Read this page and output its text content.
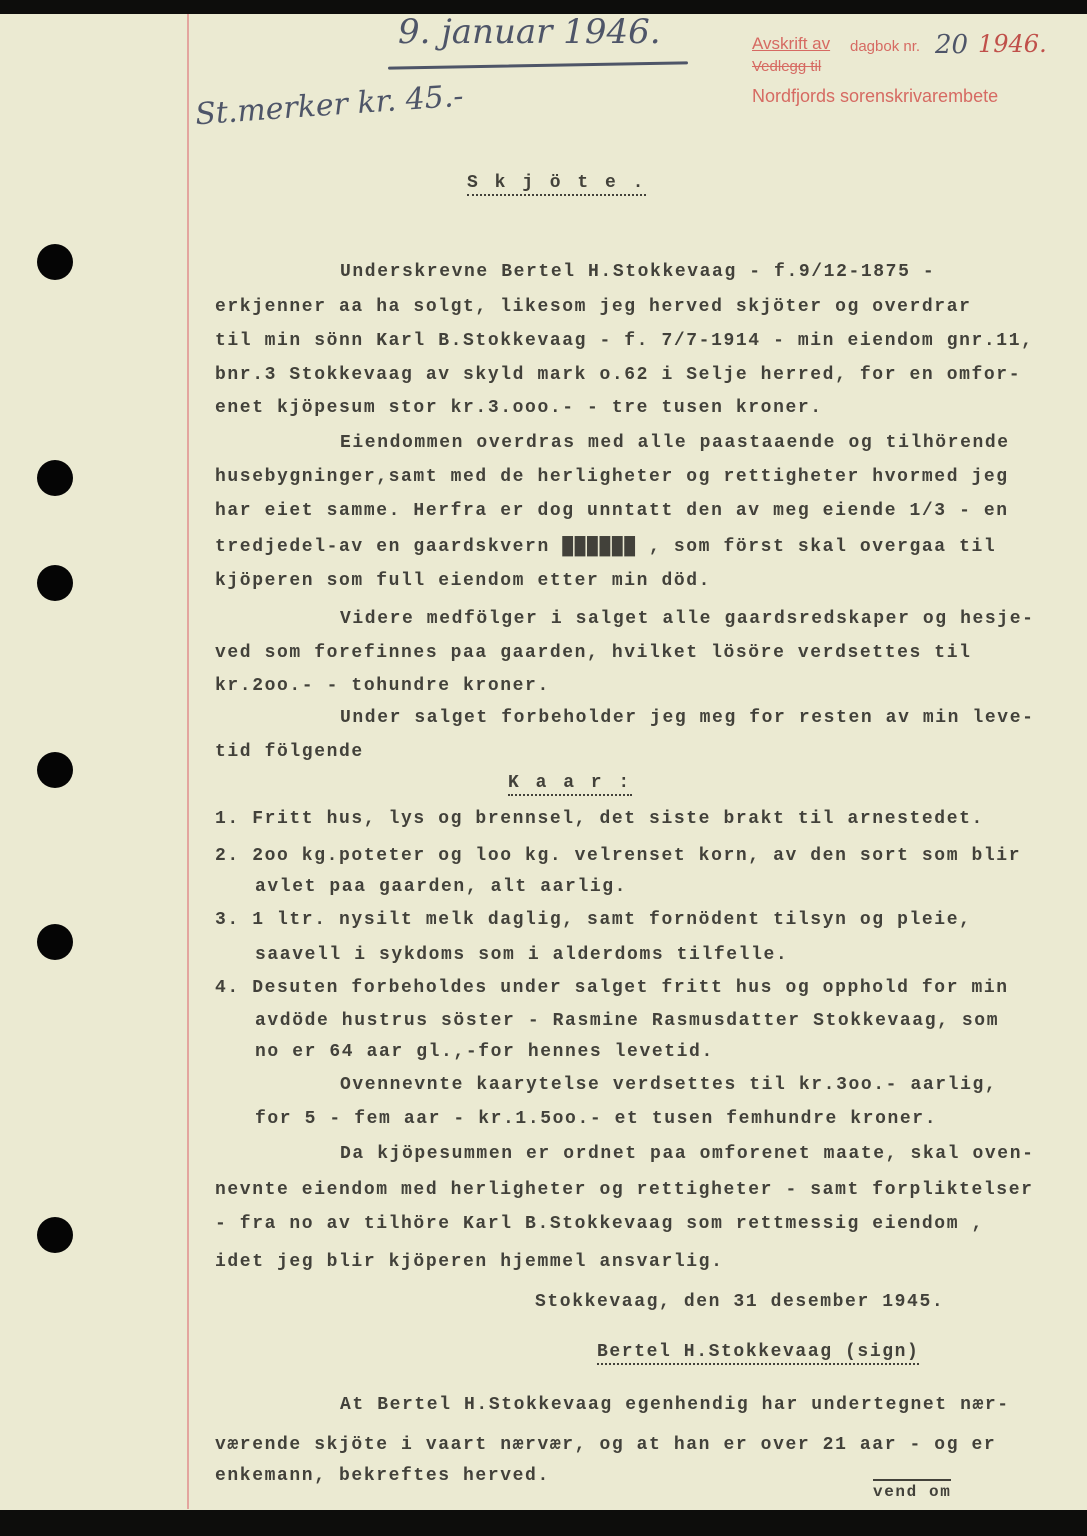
9. januar 1946.
St.merker kr. 45.-
Avskrift av dagbok nr. 20 1946.
Vedlegg til
Nordfjords sorenskrivarembete
S k j ö t e .
Underskrevne Bertel H.Stokkevaag - f.9/12-1875 -
erkjenner aa ha solgt, likesom jeg herved skjöter og overdrar
til min sönn Karl B.Stokkevaag - f. 7/7-1914 - min eiendom gnr.11,
bnr.3 Stokkevaag av skyld mark o.62 i Selje herred, for en omfor-
enet kjöpesum stor kr.3.ooo.- - tre tusen kroner.
Eiendommen overdras med alle paastaaende og tilhörende
husebygninger,samt med de herligheter og rettigheter hvormed jeg
har eiet samme. Herfra er dog unntatt den av meg eiende 1/3 - en
tredjedel-av en gaardskvern ██████ , som först skal overgaa til
kjöperen som full eiendom etter min död.
Videre medfölger i salget alle gaardsredskaper og hesje-
ved som forefinnes paa gaarden, hvilket lösöre verdsettes til
kr.2oo.- - tohundre kroner.
Under salget forbeholder jeg meg for resten av min leve-
tid fölgende
K a a r :
1. Fritt hus, lys og brennsel, det siste brakt til arnestedet.
2. 2oo kg.poteter og loo kg. velrenset korn, av den sort som blir
avlet paa gaarden, alt aarlig.
3. 1 ltr. nysilt melk daglig, samt fornödent tilsyn og pleie,
saavell i sykdoms som i alderdoms tilfelle.
4. Desuten forbeholdes under salget fritt hus og opphold for min
avdöde hustrus söster - Rasmine Rasmusdatter Stokkevaag, som
no er 64 aar gl.,-for hennes levetid.
Ovennevnte kaarytelse verdsettes til kr.3oo.- aarlig,
for 5 - fem aar - kr.1.5oo.- et tusen femhundre kroner.
Da kjöpesummen er ordnet paa omforenet maate, skal oven-
nevnte eiendom med herligheter og rettigheter - samt forpliktelser
- fra no av tilhöre Karl B.Stokkevaag som rettmessig eiendom ,
idet jeg blir kjöperen hjemmel ansvarlig.
Stokkevaag, den 31 desember 1945.
Bertel H.Stokkevaag (sign)
At Bertel H.Stokkevaag egenhendig har undertegnet nær-
værende skjöte i vaart nærvær, og at han er over 21 aar - og er
enkemann, bekreftes herved.
vend om
